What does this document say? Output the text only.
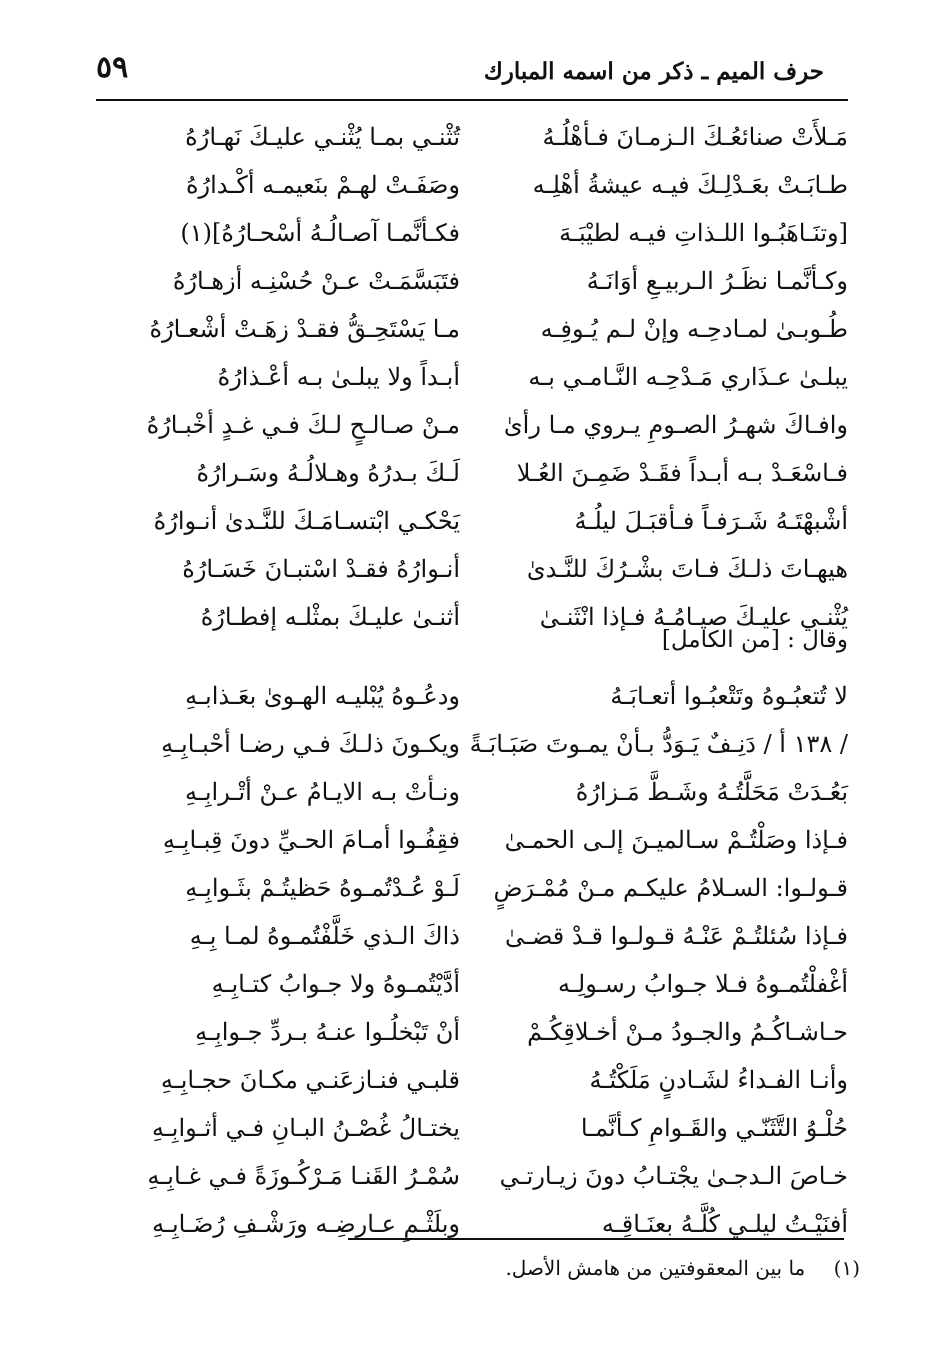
٥٩	حرف الميم ـ ذكر من اسمه المبارك
مَـلأَتْ صنائعُـكَ الـزمـانَ فـأهْلُـهُ
طـابَـتْ بعَـدْلِـكَ فيـه عيشةُ أهْلِـه
[وتنَـاهَبُـوا اللـذاتِ فيـه لطيْبَـهَ
وكـأنَّمـا نظَـرُ الـربيـعِ أوَانَـهُ
طُـوبـىٰ لمـادحِـه وإنْ لـم يُـوفِـه
يبلـىٰ عـذَاري مَـدْحِـه النَّـامـي بـه
وافـاكَ شهـرُ الصـومِ يـروي مـا رأىٰ
فـاسْعَـدْ بـه أبـداً فقَـدْ ضَمِـنَ العُـلا
أشْبهْتَـهُ شَـرَفـاً فـأقبَـلَ ليلُـهُ
هيهـاتَ ذلـكَ فـاتَ بشْـرُكَ للنَّـدىٰ
يُثْنـي عليـكَ صيـامُـهُ فـإذا انْثَنـىٰ
تُثْنـي بمـا يُثْنـي عليـكَ نَهـارُهُ
وصَفَـتْ لهـمْ بنَعيمـه أكْـدارُهُ
فكـأنَّمـا آصـالُـهُ أسْحـارُهُ](١)
فتَبَسَّمَـتْ عـنْ حُسْنِـه أزهـارُهُ
مـا يَسْتَحِـقُّ فقـدْ زهَـتْ أشْعـارُهُ
أبـداً ولا يبلـىٰ بـه أعْـذارُهُ
مـنْ صـالـحٍ لـكَ فـي غـدٍ أخْبـارُهُ
لَـكَ بـدرُهُ وهـلالُـهُ وسَـرارُهُ
يَحْكـي ابْتسـامَـكَ للنَّـدىٰ أنـوارُهُ
أنـوارُهُ فقـدْ اسْتبـانَ خَسَـارُهُ
أثنـىٰ عليـكَ بمثْلـه إفطـارُهُ
وقال : [من الكامل]
لا تُتعبُـوهُ وتَتْعبُـوا أتعـابَـهُ
/ ١٣٨ أ / دَنِـفٌ يَـوَدُّ بـأنْ يمـوتَ صَبَـابَـةً
بَعُـدَتْ مَحَلَّتُـهُ وشَـطَّ مَـزارُهُ
فـإذا وصَلْتُـمْ سـالميـنَ إلـى الحمـىٰ
قـولـوا: السـلامُ عليكـم مـنْ مُمْـرَضٍ
فـإذا سُئلتُـمْ عَنْـهُ قـولـوا قـدْ قضـىٰ
أغْفلْتُمـوهُ فـلا جـوابُ رسـولِـه
حـاشـاكُـمُ والجـودُ مـنْ أخـلاقِكُـمْ
وأنـا الفـداءُ لشَـادنٍ مَلَكْتُـهُ
حُلْـوُ التَّثَنّـي والقَـوامِ كـأنَّمـا
خـاصَ الـدجـىٰ يجْتـابُ دونَ زيـارتـي
أفنَيْـتُ ليلـي كُلَّـهُ بعنَـاقِـه
ودعُـوهُ يُبْليـه الهـوىٰ بعَـذابـهِ
ويكـونَ ذلـكَ فـي رضـا أحْبـابِـهِ
ونـأتْ بـه الايـامُ عـنْ أتْـرابِـهِ
فقِفُـوا أمـامَ الحـيِّ دونَ قِبـابِـهِ
لَـوْ عُـدْتُمـوهُ حَظيتُـمْ بثَـوابِـهِ
ذاكَ الـذي خَلَّفْتُمـوهُ لمـا بِـهِ
أدَّيْتُمـوهُ ولا جـوابُ كتـابِـهِ
أنْ تَبْخلُـوا عنـهُ بـردِّ جـوابِـهِ
قلبـي فنـازعَنـي مكـانَ حجـابِـهِ
يختـالُ غُصْـنُ البـانِ فـي أثـوابِـهِ
سُمْـرُ القَنـا مَـرْكُـوزَةً فـي غـابِـهِ
وبلَثْـمِ عـارضِـه ورَشْـفِ رُضَـابِـهِ
(١) ما بين المعقوفتين من هامش الأصل.
